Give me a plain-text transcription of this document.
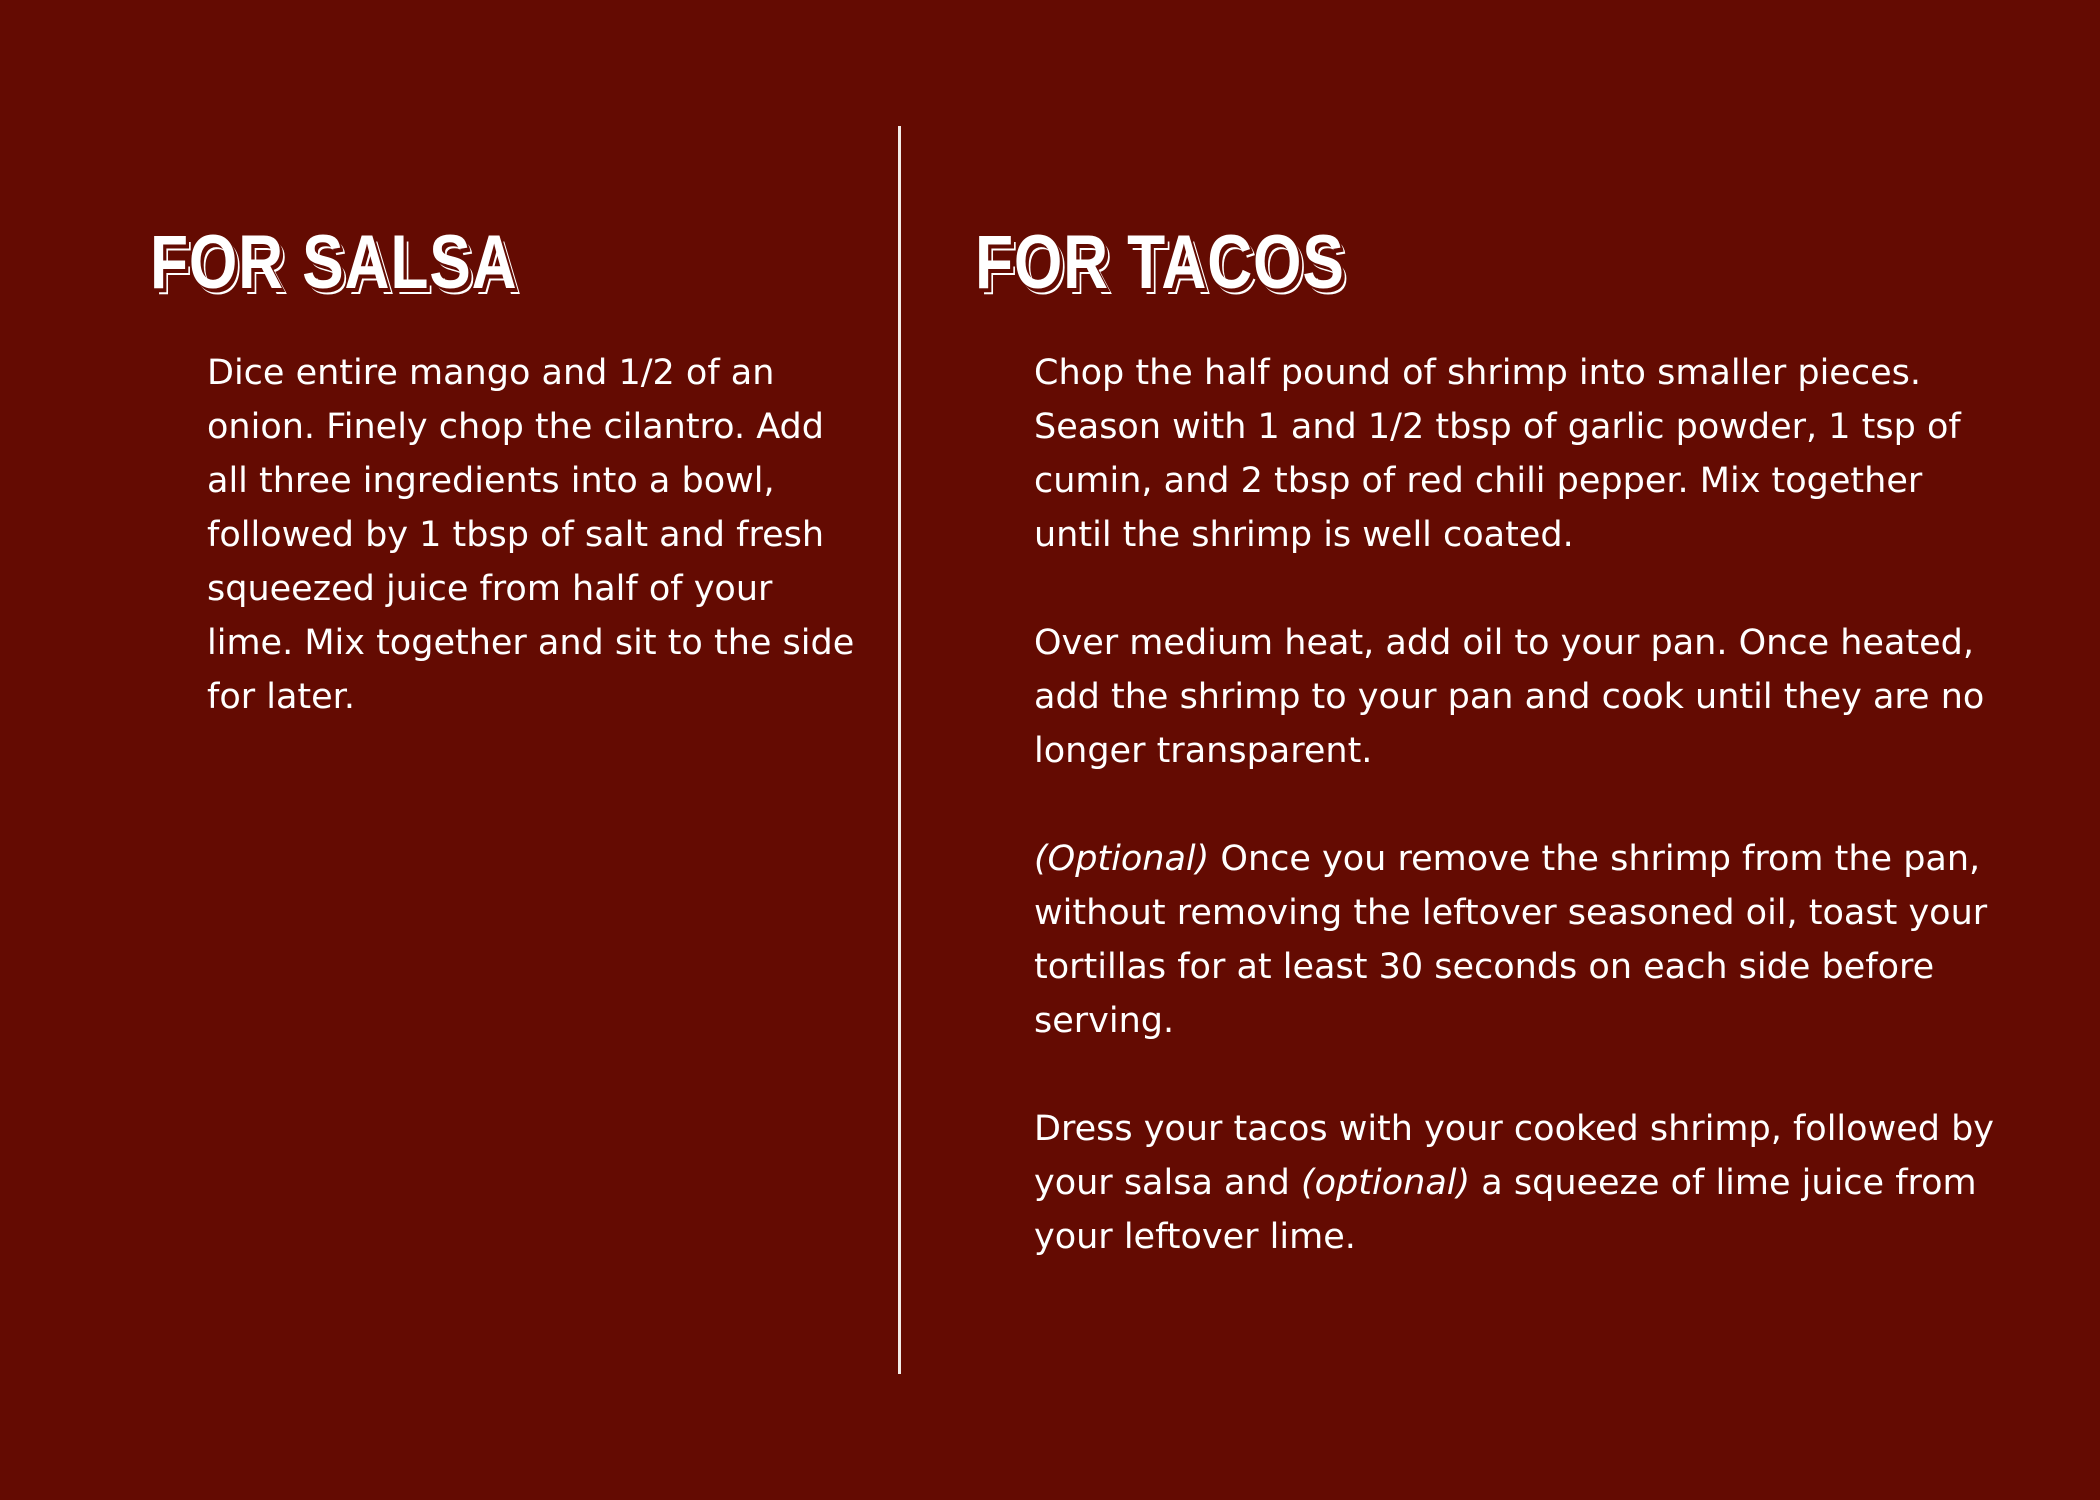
FOR SALSA

Dice entire mango and 1/2 of an onion. Finely chop the cilantro. Add all three ingredients into a bowl, followed by 1 tbsp of salt and fresh squeezed juice from half of your lime. Mix together and sit to the side for later.

FOR TACOS

Chop the half pound of shrimp into smaller pieces. Season with 1 and 1/2 tbsp of garlic powder, 1 tsp of cumin, and 2 tbsp of red chili pepper. Mix together until the shrimp is well coated.

Over medium heat, add oil to your pan. Once heated, add the shrimp to your pan and cook until they are no longer transparent.

(Optional) Once you remove the shrimp from the pan, without removing the leftover seasoned oil, toast your tortillas for at least 30 seconds on each side before serving.

Dress your tacos with your cooked shrimp, followed by your salsa and (optional) a squeeze of lime juice from your leftover lime.
